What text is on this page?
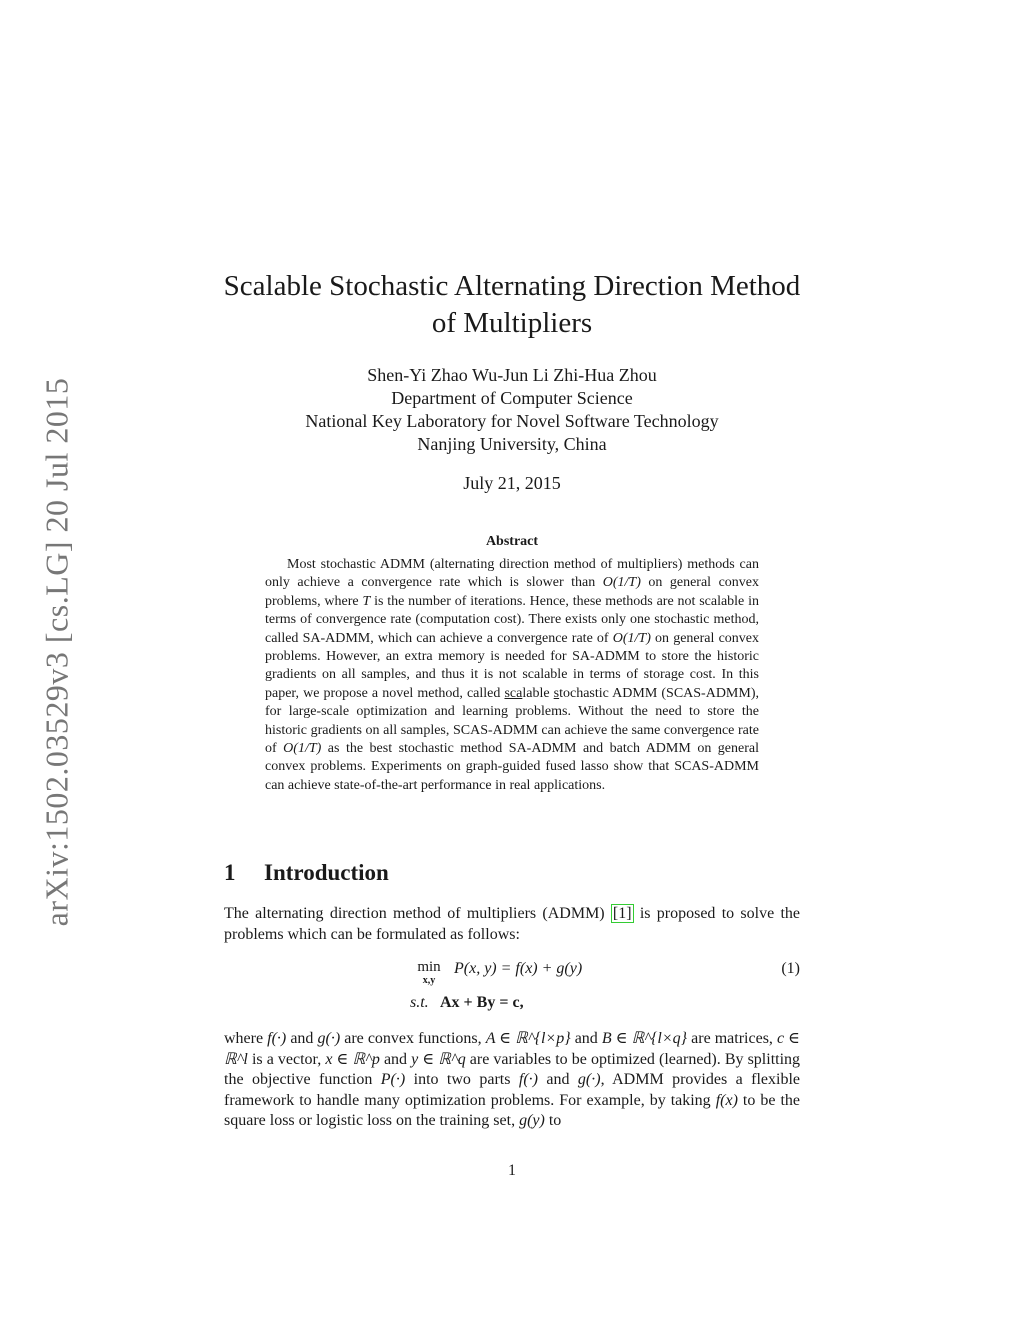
arXiv:1502.03529v3 [cs.LG] 20 Jul 2015
Scalable Stochastic Alternating Direction Method
of Multipliers
Shen-Yi Zhao Wu-Jun Li Zhi-Hua Zhou
Department of Computer Science
National Key Laboratory for Novel Software Technology
Nanjing University, China
July 21, 2015
Abstract

Most stochastic ADMM (alternating direction method of multipliers) methods can only achieve a convergence rate which is slower than O(1/T) on general convex problems, where T is the number of iterations. Hence, these methods are not scalable in terms of convergence rate (computation cost). There exists only one stochastic method, called SA-ADMM, which can achieve a convergence rate of O(1/T) on general convex problems. However, an extra memory is needed for SA-ADMM to store the historic gradients on all samples, and thus it is not scalable in terms of storage cost. In this paper, we propose a novel method, called scalable stochastic ADMM (SCAS-ADMM), for large-scale optimization and learning problems. Without the need to store the historic gradients on all samples, SCAS-ADMM can achieve the same convergence rate of O(1/T) as the best stochastic method SA-ADMM and batch ADMM on general convex problems. Experiments on graph-guided fused lasso show that SCAS-ADMM can achieve state-of-the-art performance in real applications.

1 Introduction

The alternating direction method of multipliers (ADMM) [1] is proposed to solve the problems which can be formulated as follows:

min
x,y
P(x, y) = f(x) + g(y)	(1)
s.t. Ax + By = c,

where f(·) and g(·) are convex functions, A ∈ ℝ^{l×p} and B ∈ ℝ^{l×q} are matrices, c ∈ ℝ^l is a vector, x ∈ ℝ^p and y ∈ ℝ^q are variables to be optimized (learned). By splitting the objective function P(·) into two parts f(·) and g(·), ADMM provides a flexible framework to handle many optimization problems. For example, by taking f(x) to be the square loss or logistic loss on the training set, g(y) to

1
